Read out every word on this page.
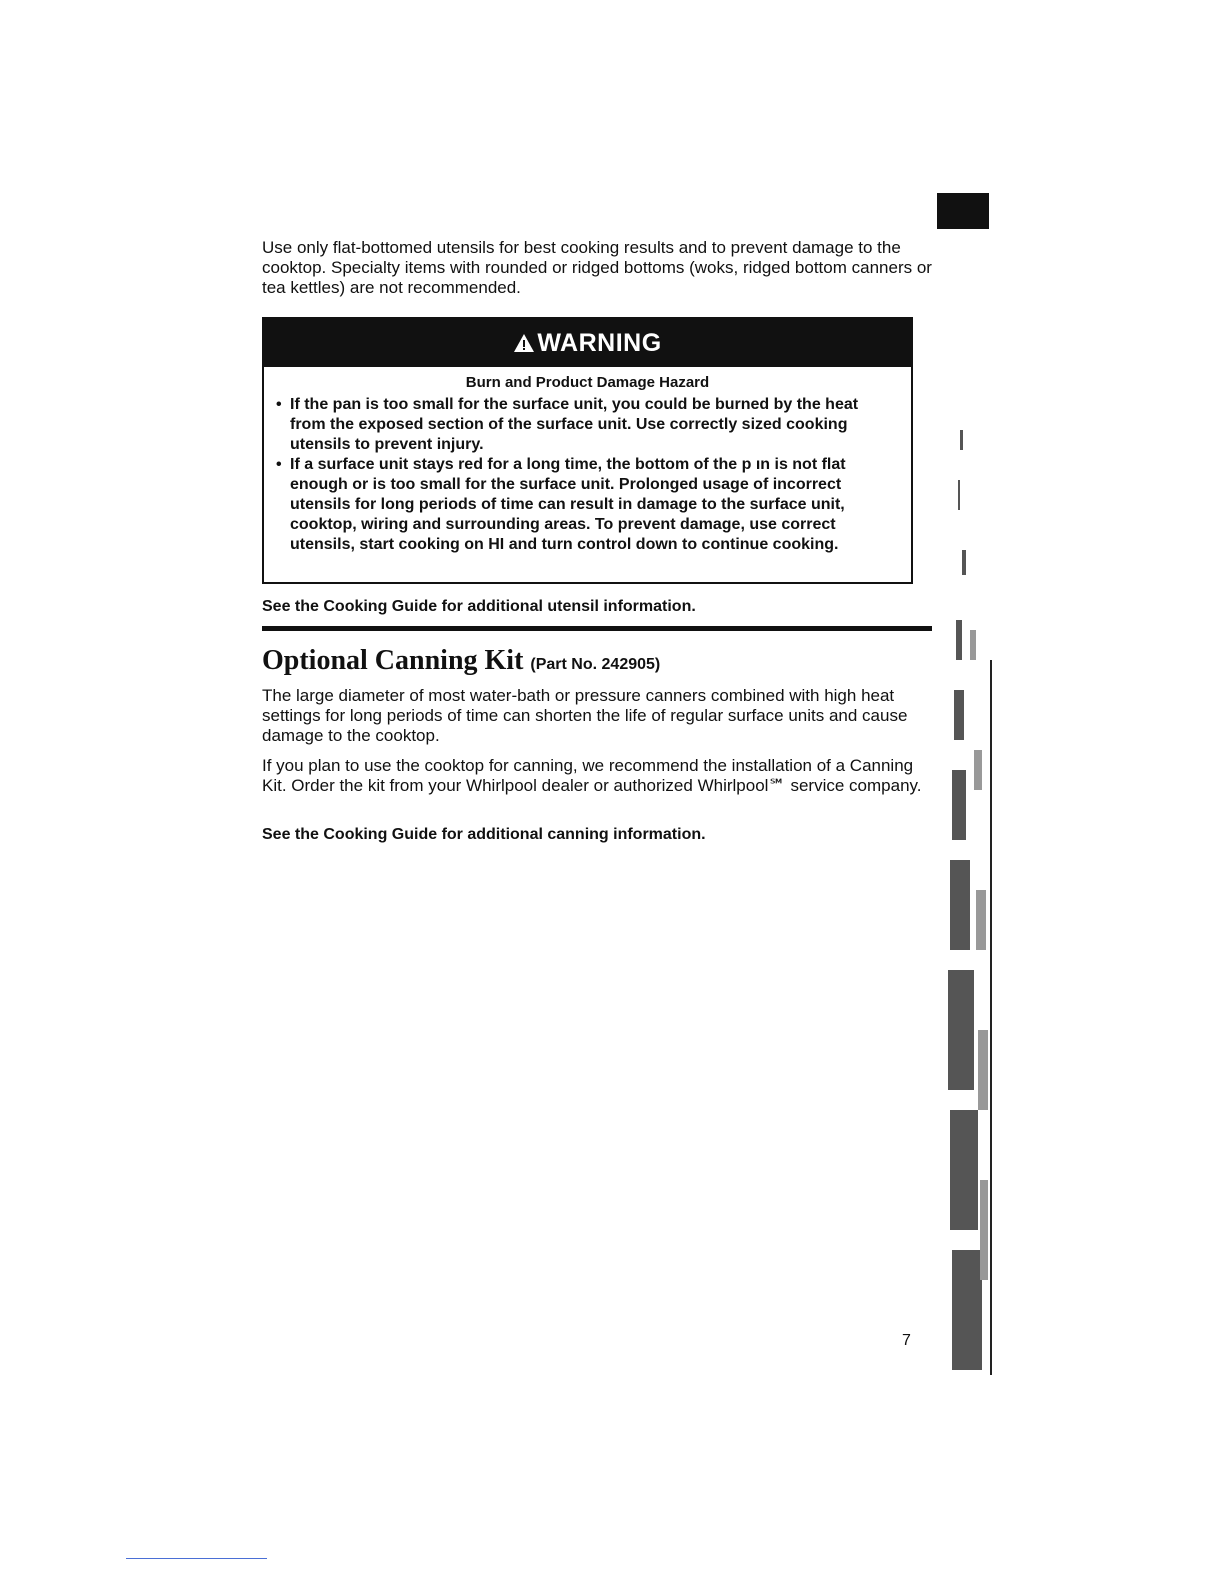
Use only flat-bottomed utensils for best cooking results and to prevent damage to the cooktop. Specialty items with rounded or ridged bottoms (woks, ridged bottom canners or tea kettles) are not recommended.

WARNING
Burn and Product Damage Hazard
• If the pan is too small for the surface unit, you could be burned by the heat from the exposed section of the surface unit. Use correctly sized cooking utensils to prevent injury.
• If a surface unit stays red for a long time, the bottom of the p ın is not flat enough or is too small for the surface unit. Prolonged usage of incorrect utensils for long periods of time can result in damage to the surface unit, cooktop, wiring and surrounding areas. To prevent damage, use correct utensils, start cooking on HI and turn control down to continue cooking.

See the Cooking Guide for additional utensil information.

Optional Canning Kit (Part No. 242905)

The large diameter of most water-bath or pressure canners combined with high heat settings for long periods of time can shorten the life of regular surface units and cause damage to the cooktop.

If you plan to use the cooktop for canning, we recommend the installation of a Canning Kit. Order the kit from your Whirlpool dealer or authorized Whirlpool℠ service company.

See the Cooking Guide for additional canning information.

7
